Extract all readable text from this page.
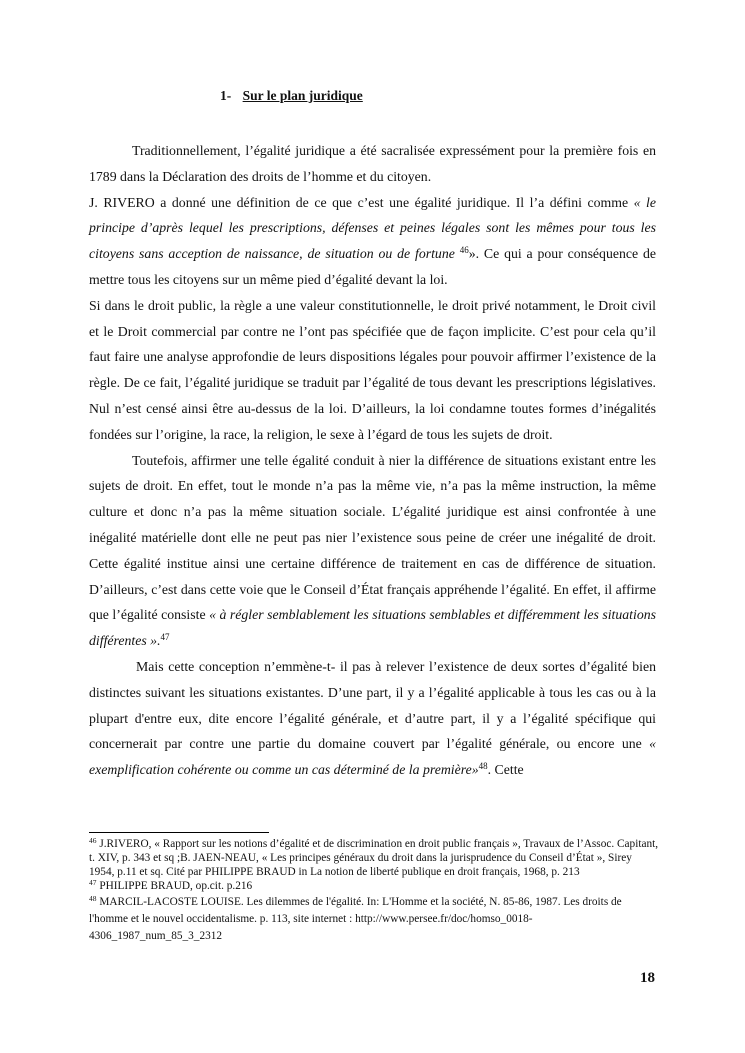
1- Sur le plan juridique

Traditionnellement, l’égalité juridique a été sacralisée expressément pour la première fois en 1789 dans la Déclaration des droits de l’homme et du citoyen.

J. RIVERO a donné une définition de ce que c’est une égalité juridique. Il l’a défini comme « le principe d’après lequel les prescriptions, défenses et peines légales sont les mêmes pour tous les citoyens sans acception de naissance, de situation ou de fortune $^{46}$». Ce qui a pour conséquence de mettre tous les citoyens sur un même pied d’égalité devant la loi.

Si dans le droit public, la règle a une valeur constitutionnelle, le droit privé notamment, le Droit civil et le Droit commercial par contre ne l’ont pas spécifiée que de façon implicite. C’est pour cela qu’il faut faire une analyse approfondie de leurs dispositions légales pour pouvoir affirmer l’existence de la règle. De ce fait, l’égalité juridique se traduit par l’égalité de tous devant les prescriptions législatives. Nul n’est censé ainsi être au-dessus de la loi. D’ailleurs, la loi condamne toutes formes d’inégalités fondées sur l’origine, la race, la religion, le sexe à l’égard de tous les sujets de droit.

Toutefois, affirmer une telle égalité conduit à nier la différence de situations existant entre les sujets de droit. En effet, tout le monde n’a pas la même vie, n’a pas la même instruction, la même culture et donc n’a pas la même situation sociale. L’égalité juridique est ainsi confrontée à une inégalité matérielle dont elle ne peut pas nier l’existence sous peine de créer une inégalité de droit. Cette égalité institue ainsi une certaine différence de traitement en cas de différence de situation. D’ailleurs, c’est dans cette voie que le Conseil d’État français appréhende l’égalité. En effet, il affirme que l’égalité consiste « à régler semblablement les situations semblables et différemment les situations différentes ».$^{47}$

Mais cette conception n’emmène-t- il pas à relever l’existence de deux sortes d’égalité bien distinctes suivant les situations existantes. D’une part, il y a l’égalité applicable à tous les cas ou à la plupart d'entre eux, dite encore l’égalité générale, et d’autre part, il y a l’égalité spécifique qui concernerait par contre une partie du domaine couvert par l’égalité générale, ou encore une « exemplification cohérente ou comme un cas déterminé de la première»$^{48}$. Cette

$^{46}$ J.RIVERO, « Rapport sur les notions d’égalité et de discrimination en droit public français », Travaux de l’Assoc. Capitant, t. XIV, p. 343 et sq ;B. JAEN-NEAU, « Les principes généraux du droit dans la jurisprudence du Conseil d’État », Sirey 1954, p.11 et sq. Cité par PHILIPPE BRAUD in La notion de liberté publique en droit français, 1968, p. 213

$^{47}$ PHILIPPE BRAUD, op.cit. p.216

$^{48}$ MARCIL-LACOSTE LOUISE. Les dilemmes de l'égalité. In: L'Homme et la société, N. 85-86, 1987. Les droits de l'homme et le nouvel occidentalisme. p. 113, site internet : http://www.persee.fr/doc/homso_0018-4306_1987_num_85_3_2312

18
